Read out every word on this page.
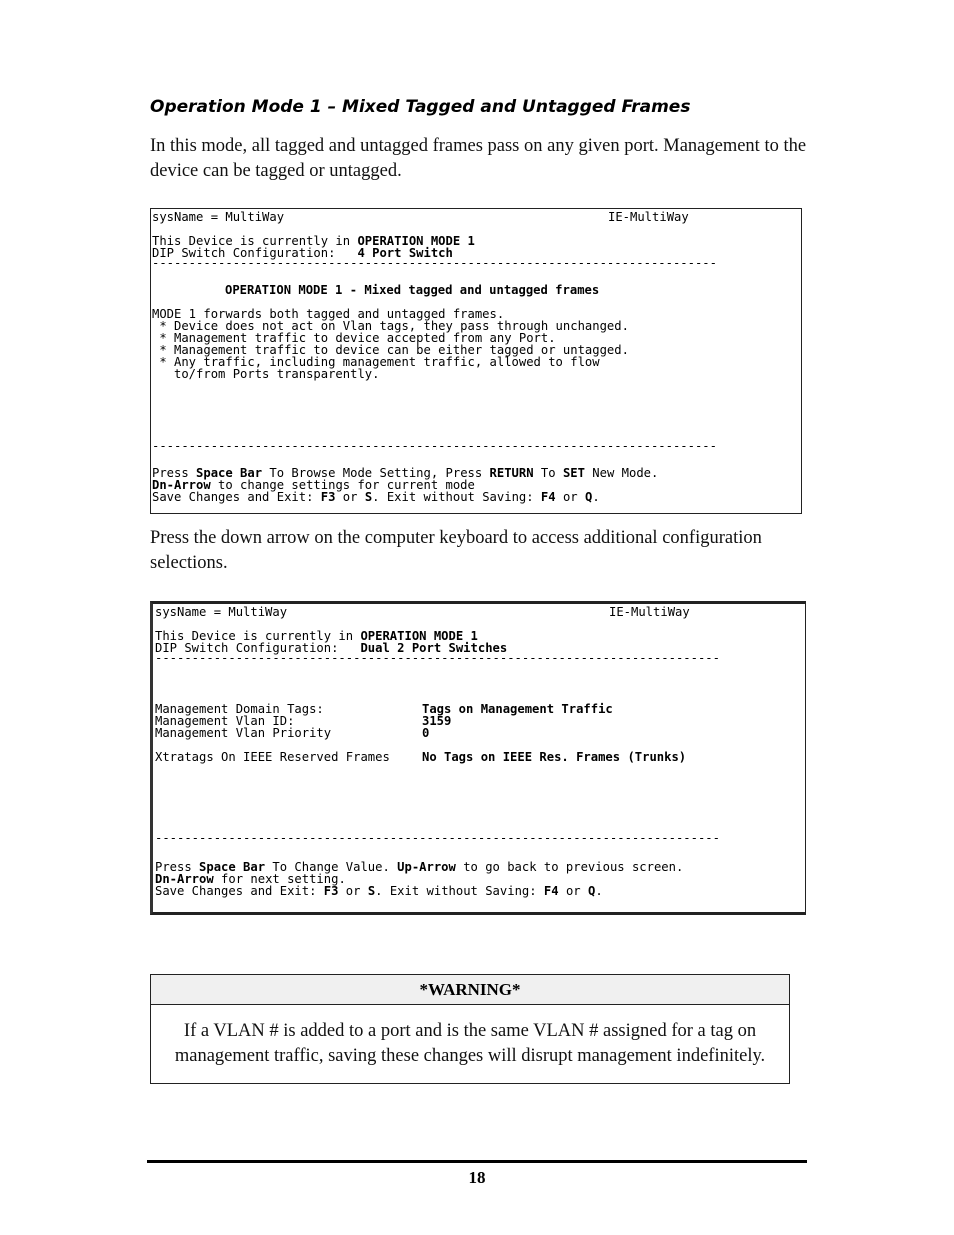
Operation Mode 1 – Mixed Tagged and Untagged Frames
In this mode, all tagged and untagged frames pass on any given port. Management to the device can be tagged or untagged.
sysName = MultiWay	IE-MultiWay
This Device is currently in OPERATION MODE 1
DIP Switch Configuration:   4 Port Switch
-----------------------------------------------------------------------------
OPERATION MODE 1 - Mixed tagged and untagged frames
MODE 1 forwards both tagged and untagged frames.
* Device does not act on Vlan tags, they pass through unchanged.
* Management traffic to device accepted from any Port.
* Management traffic to device can be either tagged or untagged.
* Any traffic, including management traffic, allowed to flow
to/from Ports transparently.
-----------------------------------------------------------------------------
Press Space Bar To Browse Mode Setting, Press RETURN To SET New Mode.
Dn-Arrow to change settings for current mode
Save Changes and Exit: F3 or S. Exit without Saving: F4 or Q.
Press the down arrow on the computer keyboard to access additional configuration selections.
sysName = MultiWay	IE-MultiWay
This Device is currently in OPERATION MODE 1
DIP Switch Configuration:   Dual 2 Port Switches
-----------------------------------------------------------------------------
Management Domain Tags:	Tags on Management Traffic
Management Vlan ID:	3159
Management Vlan Priority	0
Xtratags On IEEE Reserved Frames	No Tags on IEEE Res. Frames (Trunks)
-----------------------------------------------------------------------------
Press Space Bar To Change Value. Up-Arrow to go back to previous screen.
Dn-Arrow for next setting.
Save Changes and Exit: F3 or S. Exit without Saving: F4 or Q.
*WARNING*
If a VLAN # is added to a port and is the same VLAN # assigned for a tag on management traffic, saving these changes will disrupt management indefinitely.
18
